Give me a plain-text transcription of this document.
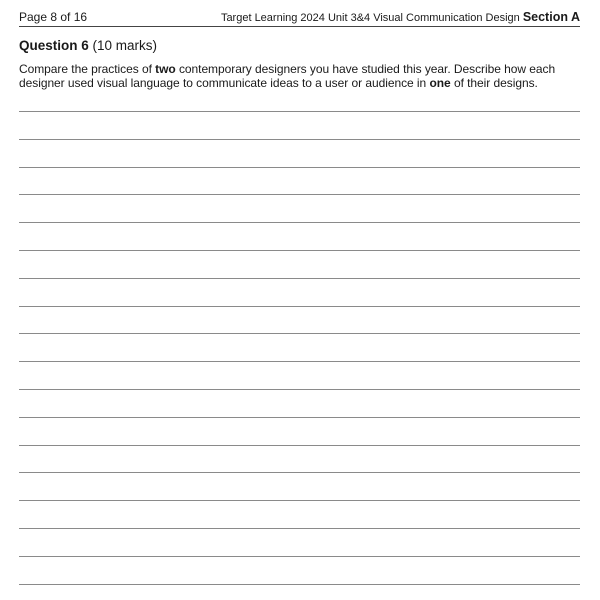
Page 8 of 16	Target Learning 2024 Unit 3&4 Visual Communication Design Section A
Question 6 (10 marks)
Compare the practices of two contemporary designers you have studied this year. Describe how each
designer used visual language to communicate ideas to a user or audience in one of their designs.
